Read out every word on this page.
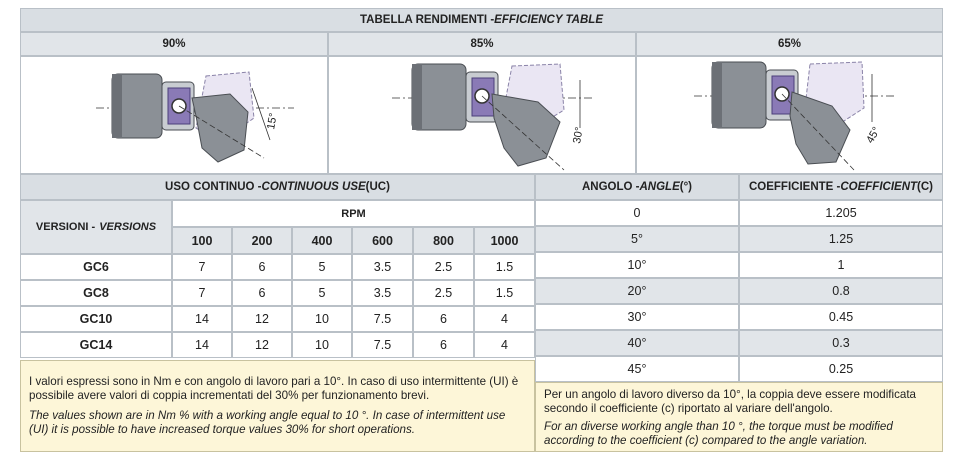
TABELLA RENDIMENTI - EFFICIENCY TABLE
90%	85%	65%
15°
30°	45°
USO CONTINUO - CONTINUOUS USE (UC)
VERSIONI - VERSIONS
RPM
100	200	400	600	800	1000
GC6	7	6	5	3.5	2.5	1.5
GC8	7	6	5	3.5	2.5	1.5
GC10	14	12	10	7.5	6	4
GC14	14	12	10	7.5	6	4

I valori espressi sono in Nm e con angolo di lavoro pari a 10°. In caso di uso intermittente (UI) è possibile avere valori di coppia incrementati del 30% per funzionamento brevi.

The values shown are in Nm % with a working angle equal to 10 °. In case of intermittent use (UI) it is possible to have increased torque values 30% for short operations.

ANGOLO - ANGLE (°)	COEFFICIENTE - COEFFICIENT (C)
0	1.205
5°	1.25
10°	1
20°	0.8
30°	0.45
40°	0.3
45°	0.25

Per un angolo di lavoro diverso da 10°, la coppia deve essere modificata secondo il coefficiente (c) riportato al variare dell'angolo.

For an diverse working angle than 10 °, the torque must be modified according to the coefficient (c) compared to the angle variation.
